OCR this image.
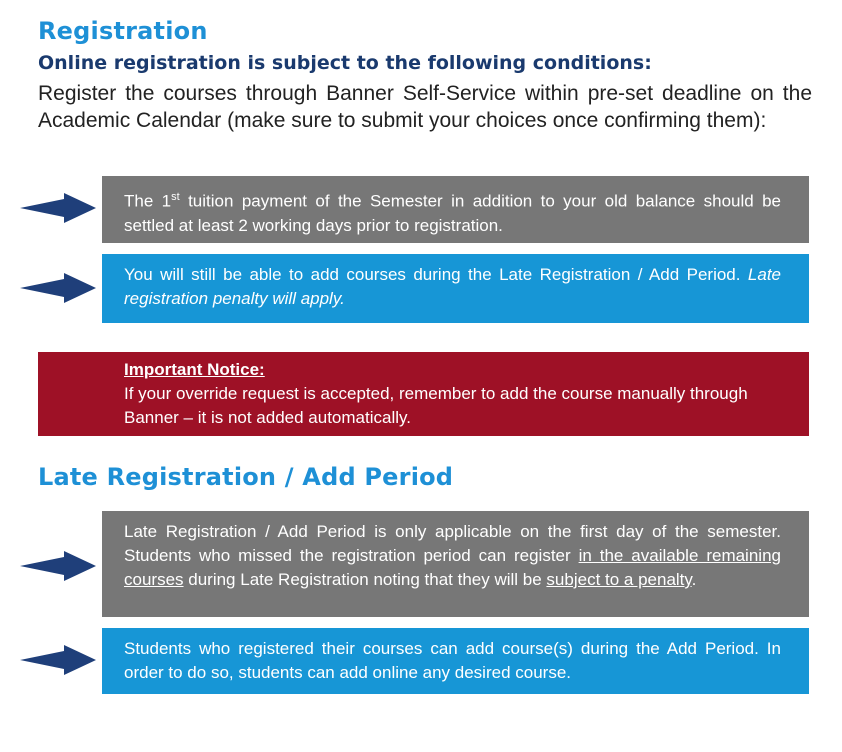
Registration
Online registration is subject to the following conditions:

Register the courses through Banner Self-Service within pre-set deadline on the Academic Calendar (make sure to submit your choices once confirming them):

The 1st tuition payment of the Semester in addition to your old balance should be settled at least 2 working days prior to registration.
You will still be able to add courses during the Late Registration / Add Period. Late registration penalty will apply.
Important Notice:
If your override request is accepted, remember to add the course manually through Banner – it is not added automatically.
Late Registration / Add Period
Late Registration / Add Period is only applicable on the first day of the semester. Students who missed the registration period can register in the available remaining courses during Late Registration noting that they will be subject to a penalty.
Students who registered their courses can add course(s) during the Add Period. In order to do so, students can add online any desired course.
